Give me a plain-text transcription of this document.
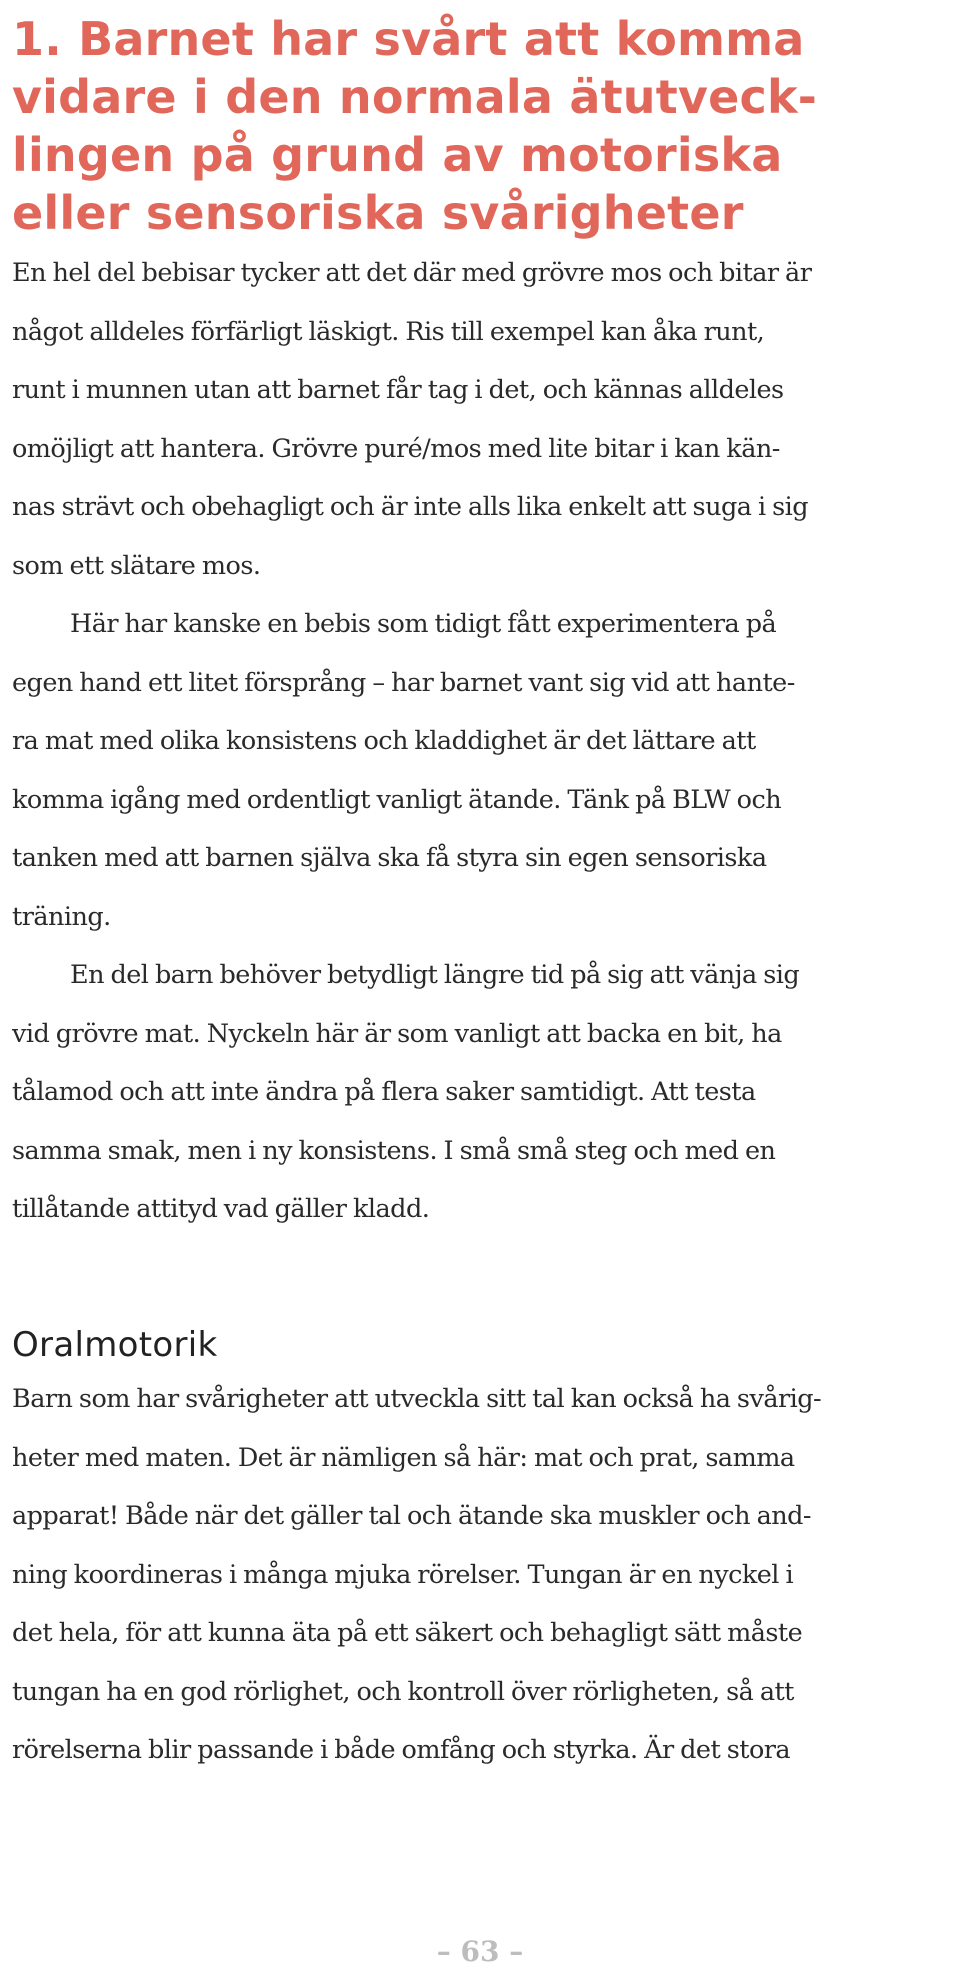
1. Barnet har svårt att komma
vidare i den normala ätutveck-
lingen på grund av motoriska
eller sensoriska svårigheter
En hel del bebisar tycker att det där med grövre mos och bitar är
något alldeles förfärligt läskigt. Ris till exempel kan åka runt,
runt i munnen utan att barnet får tag i det, och kännas alldeles
omöjligt att hantera. Grövre puré/mos med lite bitar i kan kän-
nas strävt och obehagligt och är inte alls lika enkelt att suga i sig
som ett slätare mos.
Här har kanske en bebis som tidigt fått experimentera på
egen hand ett litet försprång – har barnet vant sig vid att hante-
ra mat med olika konsistens och kladdighet är det lättare att
komma igång med ordentligt vanligt ätande. Tänk på BLW och
tanken med att barnen själva ska få styra sin egen sensoriska
träning.
En del barn behöver betydligt längre tid på sig att vänja sig
vid grövre mat. Nyckeln här är som vanligt att backa en bit, ha
tålamod och att inte ändra på flera saker samtidigt. Att testa
samma smak, men i ny konsistens. I små små steg och med en
tillåtande attityd vad gäller kladd.
Oralmotorik
Barn som har svårigheter att utveckla sitt tal kan också ha svårig-
heter med maten. Det är nämligen så här: mat och prat, samma
apparat! Både när det gäller tal och ätande ska muskler och and-
ning koordineras i många mjuka rörelser. Tungan är en nyckel i
det hela, för att kunna äta på ett säkert och behagligt sätt måste
tungan ha en god rörlighet, och kontroll över rörligheten, så att
rörelserna blir passande i både omfång och styrka. Är det stora
– 63 –
